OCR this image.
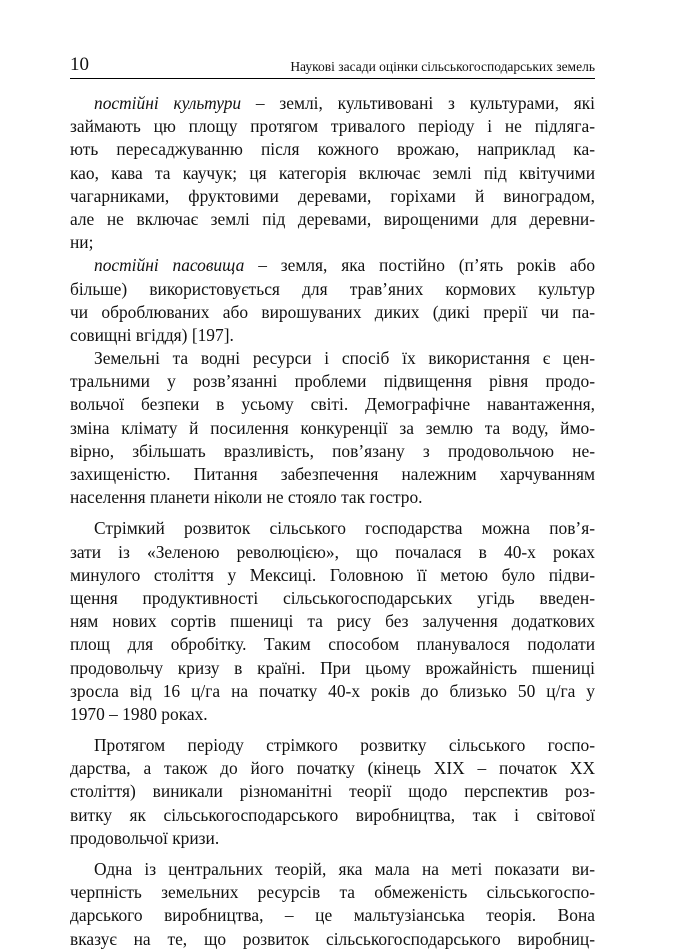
10	Наукові засади оцінки сільськогосподарських земель
постійні культури – землі, культивовані з культурами, які
займають цю площу протягом тривалого періоду і не підляга-
ють пересаджуванню після кожного врожаю, наприклад ка-
као, кава та каучук; ця категорія включає землі під квітучими
чагарниками, фруктовими деревами, горіхами й виноградом,
але не включає землі під деревами, вирощеними для деревни-
ни;
постійні пасовища – земля, яка постійно (п’ять років або
більше) використовується для трав’яних кормових культур
чи оброблюваних або вирошуваних диких (дикі прерії чи па-
совищні вгіддя) [197].
Земельні та водні ресурси і спосіб їх використання є цен-
тральними у розв’язанні проблеми підвищення рівня продо-
вольчої безпеки в усьому світі. Демографічне навантаження,
зміна клімату й посилення конкуренції за землю та воду, ймо-
вірно, збільшать вразливість, пов’язану з продовольчою не-
захищеністю. Питання забезпечення належним харчуванням
населення планети ніколи не стояло так гостро.
Стрімкий розвиток сільського господарства можна пов’я-
зати із «Зеленою революцією», що почалася в 40-х роках
минулого століття у Мексиці. Головною її метою було підви-
щення продуктивності сільськогосподарських угідь введен-
ням нових сортів пшениці та рису без залучення додаткових
площ для обробітку. Таким способом планувалося подолати
продовольчу кризу в країні. При цьому врожайність пшениці
зросла від 16 ц/га на початку 40-х років до близько 50 ц/га у
1970 – 1980 роках.
Протягом періоду стрімкого розвитку сільського госпо-
дарства, а також до його початку (кінець XIX – початок XX
століття) виникали різноманітні теорії щодо перспектив роз-
витку як сільськогосподарського виробництва, так і світової
продовольчої кризи.
Одна із центральних теорій, яка мала на меті показати ви-
черпність земельних ресурсів та обмеженість сільськогоспо-
дарського виробництва, – це мальтузіанська теорія. Вона
вказує на те, що розвиток сільськогосподарського виробниц-
